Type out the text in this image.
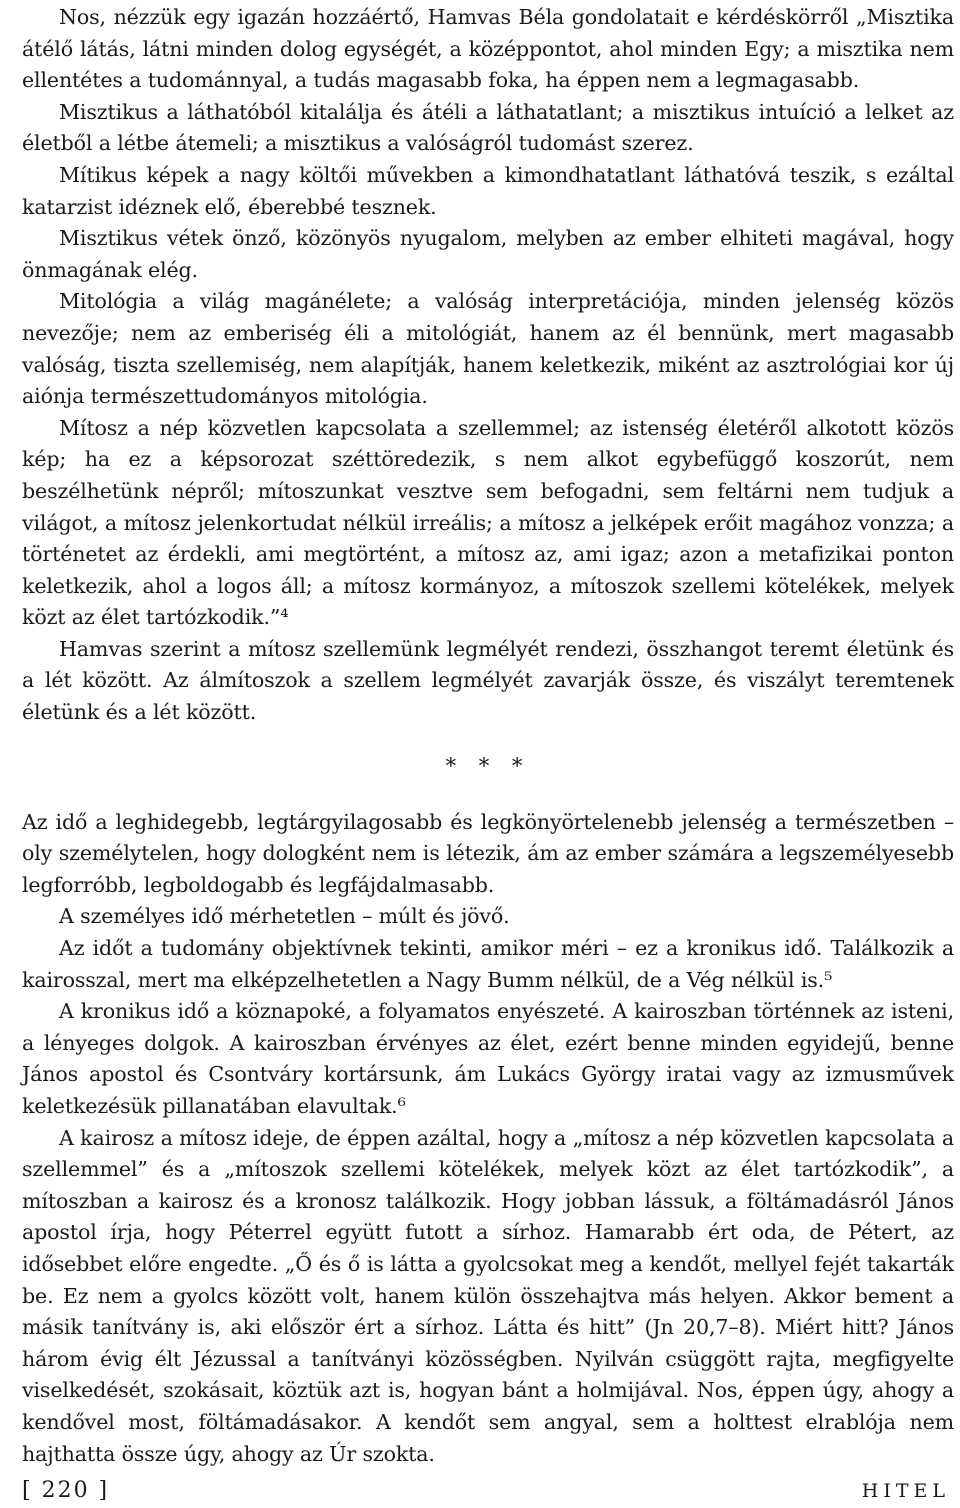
Nos, nézzük egy igazán hozzáértő, Hamvas Béla gondolatait e kérdéskörről „Misztika átélő látás, látni minden dolog egységét, a középpontot, ahol minden Egy; a misztika nem ellentétes a tudománnyal, a tudás magasabb foka, ha éppen nem a legmagasabb.

Misztikus a láthatóból kitalálja és átéli a láthatatlant; a misztikus intuíció a lelket az életből a létbe átemeli; a misztikus a valóságról tudomást szerez.

Mítikus képek a nagy költői művekben a kimondhatatlant láthatóvá teszik, s ezáltal katarzist idéznek elő, éberebbé tesznek.

Misztikus vétek önző, közönyös nyugalom, melyben az ember elhiteti magával, hogy önmagának elég.

Mitológia a világ magánélete; a valóság interpretációja, minden jelenség közös nevezője; nem az emberiség éli a mitológiát, hanem az él bennünk, mert magasabb valóság, tiszta szellemiség, nem alapítják, hanem keletkezik, miként az asztrológiai kor új aiónja természettudományos mitológia.

Mítosz a nép közvetlen kapcsolata a szellemmel; az istenség életéről alkotott közös kép; ha ez a képsorozat széttöredezik, s nem alkot egybefüggő koszorút, nem beszélhetünk népről; mítoszunkat vesztve sem befogadni, sem feltárni nem tudjuk a világot, a mítosz jelenkortudat nélkül irreális; a mítosz a jelképek erőit magához vonzza; a történetet az érdekli, ami megtörtént, a mítosz az, ami igaz; azon a metafizikai ponton keletkezik, ahol a logos áll; a mítosz kormányoz, a mítoszok szellemi kötelékek, melyek közt az élet tartózkodik.”⁴

Hamvas szerint a mítosz szellemünk legmélyét rendezi, összhangot teremt életünk és a lét között. Az álmítoszok a szellem legmélyét zavarják össze, és viszályt teremtenek életünk és a lét között.

* * *

Az idő a leghidegebb, legtárgyilagosabb és legkönyörtelenebb jelenség a természetben – oly személytelen, hogy dologként nem is létezik, ám az ember számára a legszemélyesebb legforróbb, legboldogabb és legfájdalmasabb.

A személyes idő mérhetetlen – múlt és jövő.

Az időt a tudomány objektívnek tekinti, amikor méri – ez a kronikus idő. Találkozik a kairosszal, mert ma elképzelhetetlen a Nagy Bumm nélkül, de a Vég nélkül is.⁵

A kronikus idő a köznapoké, a folyamatos enyészeté. A kairoszban történnek az isteni, a lényeges dolgok. A kairoszban érvényes az élet, ezért benne minden egyidejű, benne János apostol és Csontváry kortársunk, ám Lukács György iratai vagy az izmusművek keletkezésük pillanatában elavultak.⁶

A kairosz a mítosz ideje, de éppen azáltal, hogy a „mítosz a nép közvetlen kapcsolata a szellemmel” és a „mítoszok szellemi kötelékek, melyek közt az élet tartózkodik”, a mítoszban a kairosz és a kronosz találkozik. Hogy jobban lássuk, a föltámadásról János apostol írja, hogy Péterrel együtt futott a sírhoz. Hamarabb ért oda, de Pétert, az idősebbet előre engedte. „Ő és ő is látta a gyolcsokat meg a kendőt, mellyel fejét takarták be. Ez nem a gyolcs között volt, hanem külön összehajtva más helyen. Akkor bement a másik tanítvány is, aki először ért a sírhoz. Látta és hitt” (Jn 20,7–8). Miért hitt? János három évig élt Jézussal a tanítványi közösségben. Nyilván csüggött rajta, megfigyelte viselkedését, szokásait, köztük azt is, hogyan bánt a holmijával. Nos, éppen úgy, ahogy a kendővel most, föltámadásakor. A kendőt sem angyal, sem a holttest elrablója nem hajthatta össze úgy, ahogy az Úr szokta.

[ 220 ]	HITEL
